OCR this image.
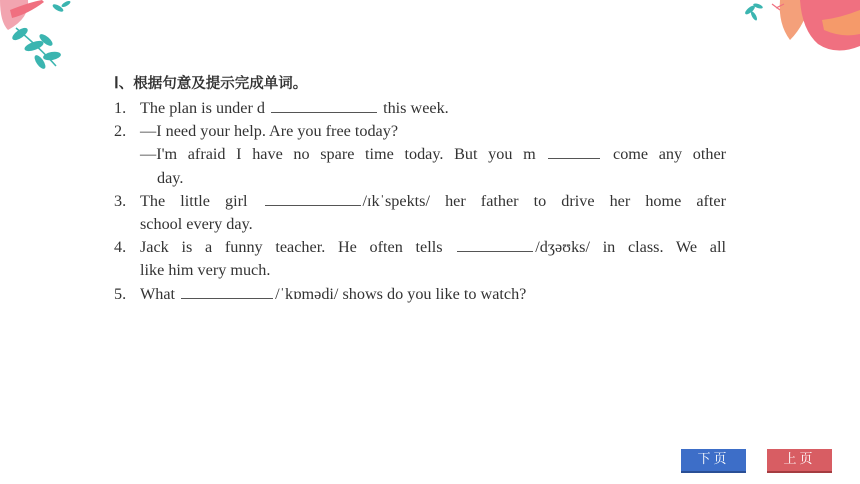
Ⅰ、根据句意及提示完成单词。
1. The plan is under d	this week.
2. —I need your help. Are you free today?
—I'm afraid I have no spare time today. But you m	come any other
day.
3. The little girl	/ɪkˈspekts/ her father to drive her home after
school every day.
4. Jack is a funny teacher. He often tells	/dʒəʊks/ in class. We all
like him very much.
5. What	/ˈkɒmədi/ shows do you like to watch?
下页	上页
